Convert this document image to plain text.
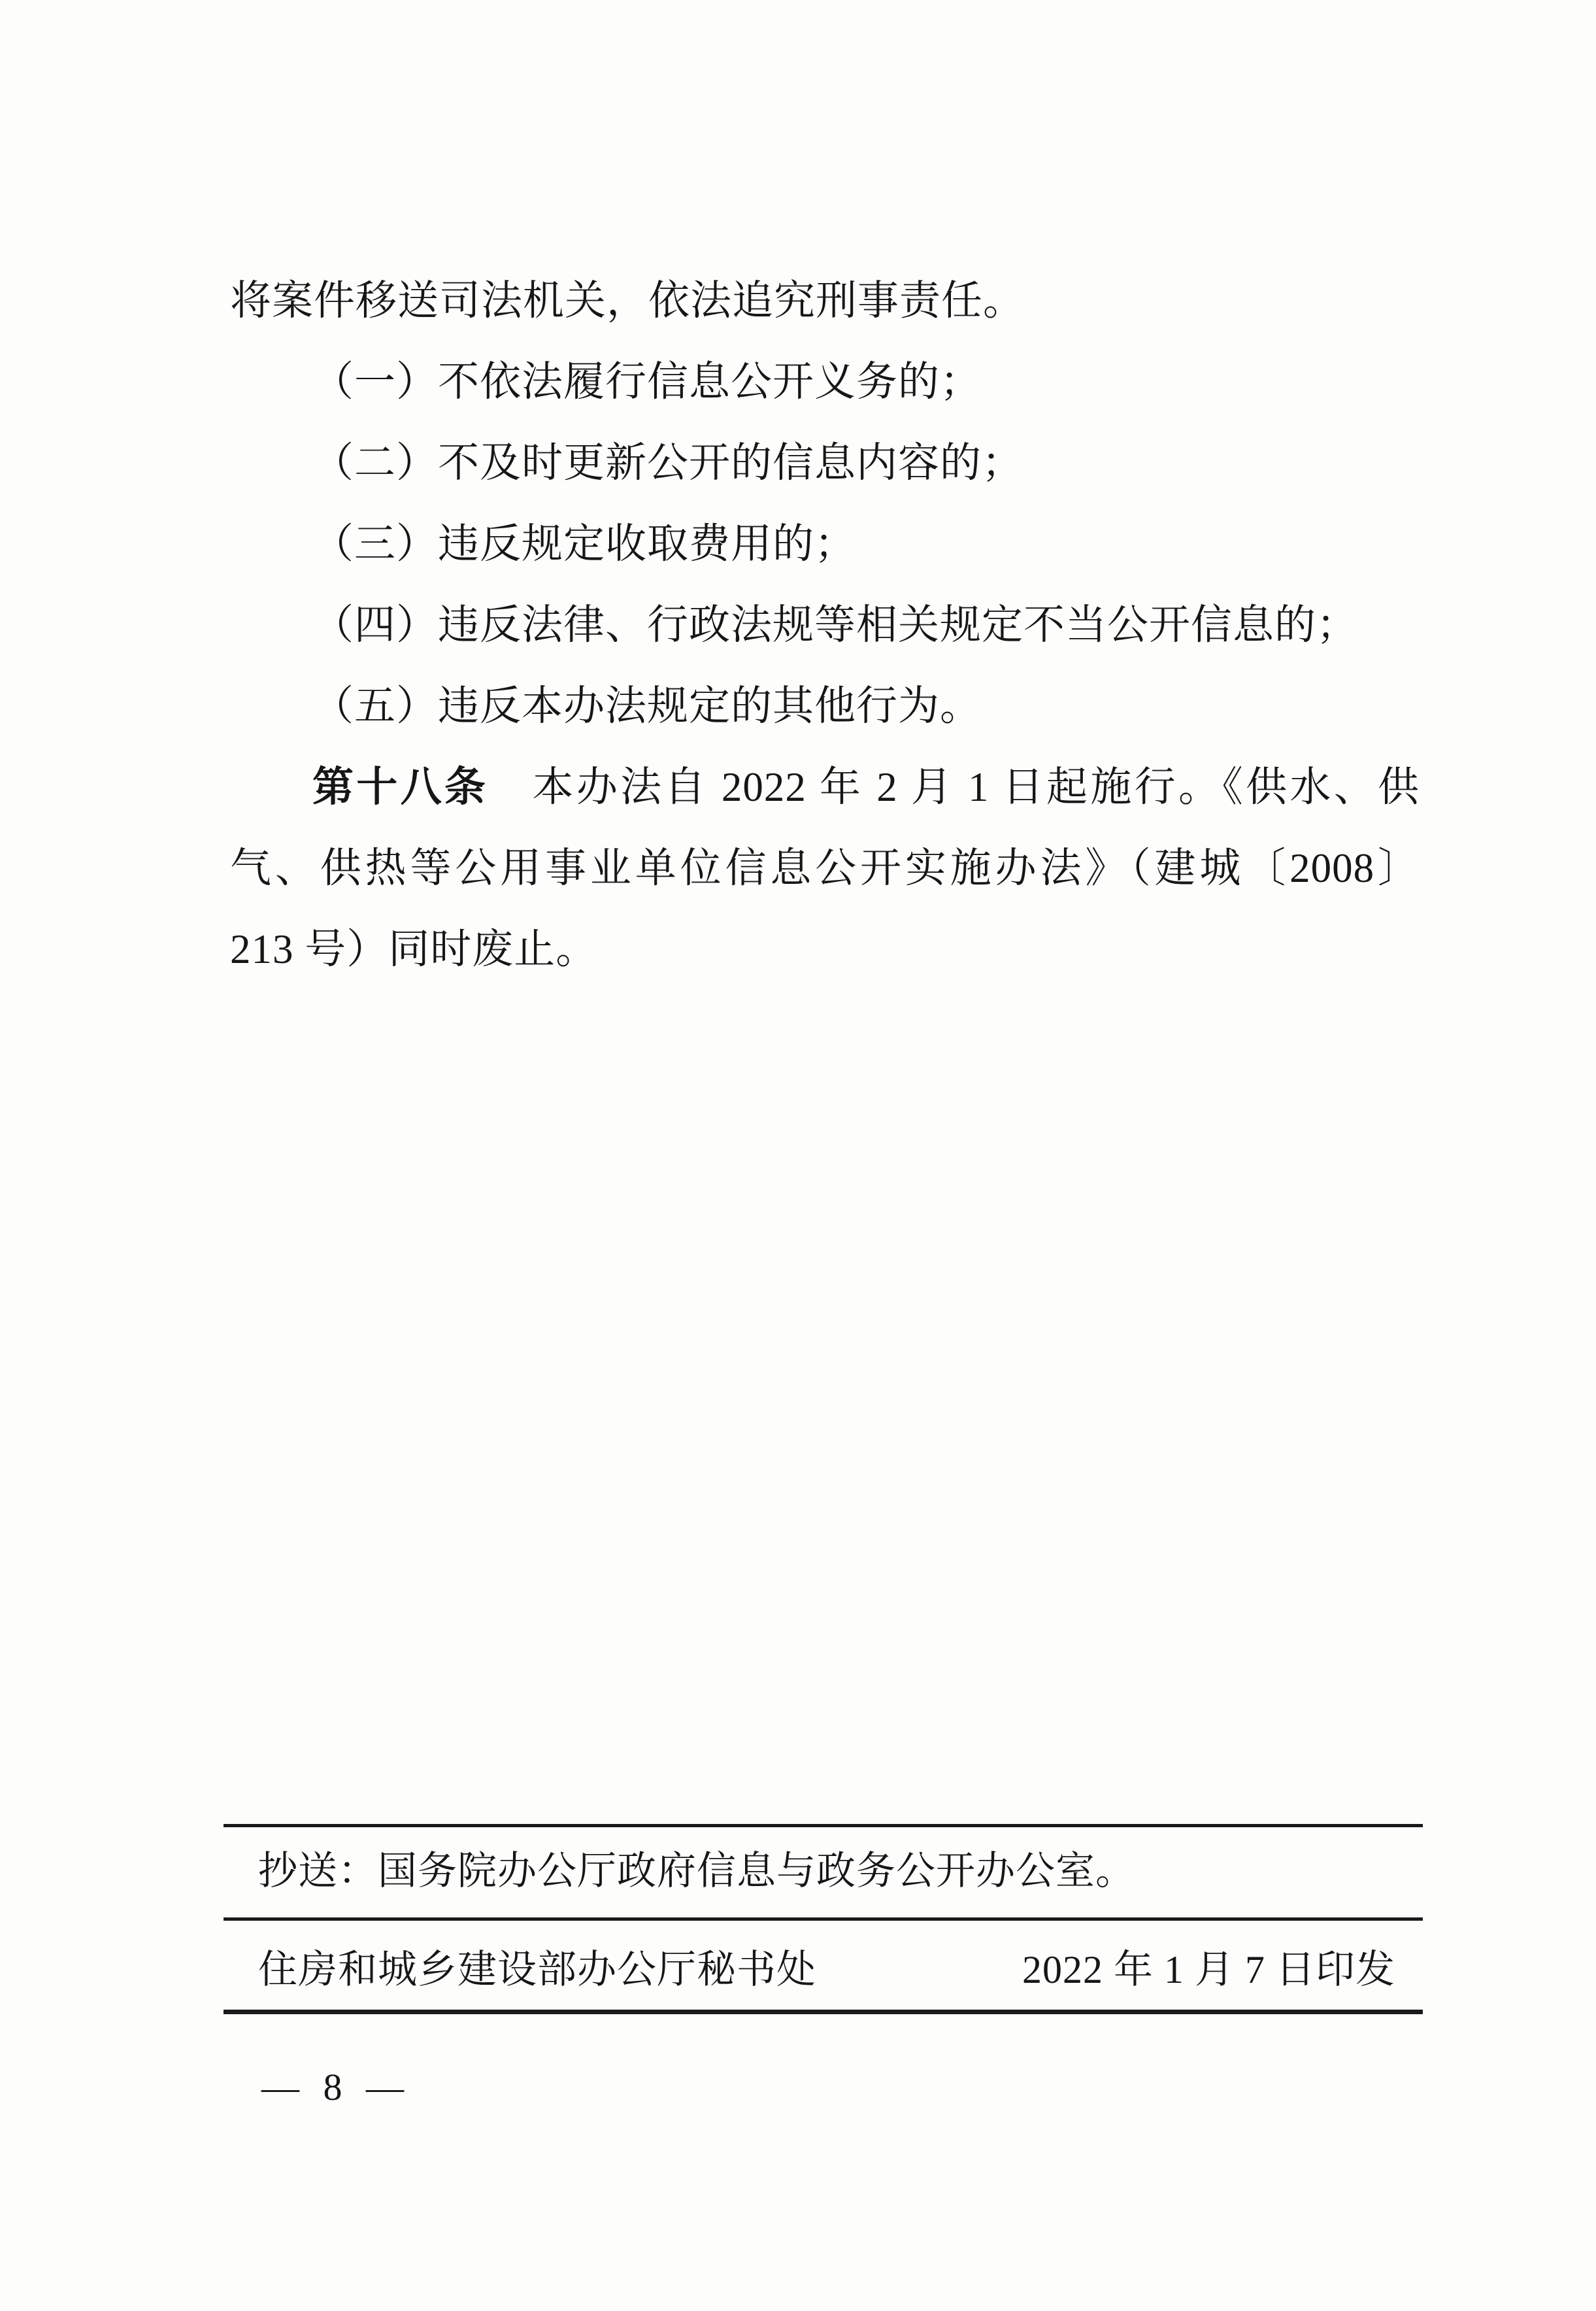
将案件移送司法机关，依法追究刑事责任。

（一）不依法履行信息公开义务的；

（二）不及时更新公开的信息内容的；

（三）违反规定收取费用的；

（四）违反法律、行政法规等相关规定不当公开信息的；

（五）违反本办法规定的其他行为。

第十八条　本办法自 2022 年 2 月 1 日起施行。《供水、供

气、供热等公用事业单位信息公开实施办法》（建城〔2008〕

213 号）同时废止。

抄送：国务院办公厅政府信息与政务公开办公室。
住房和城乡建设部办公厅秘书处	2022 年 1 月 7 日印发
— 8 —
